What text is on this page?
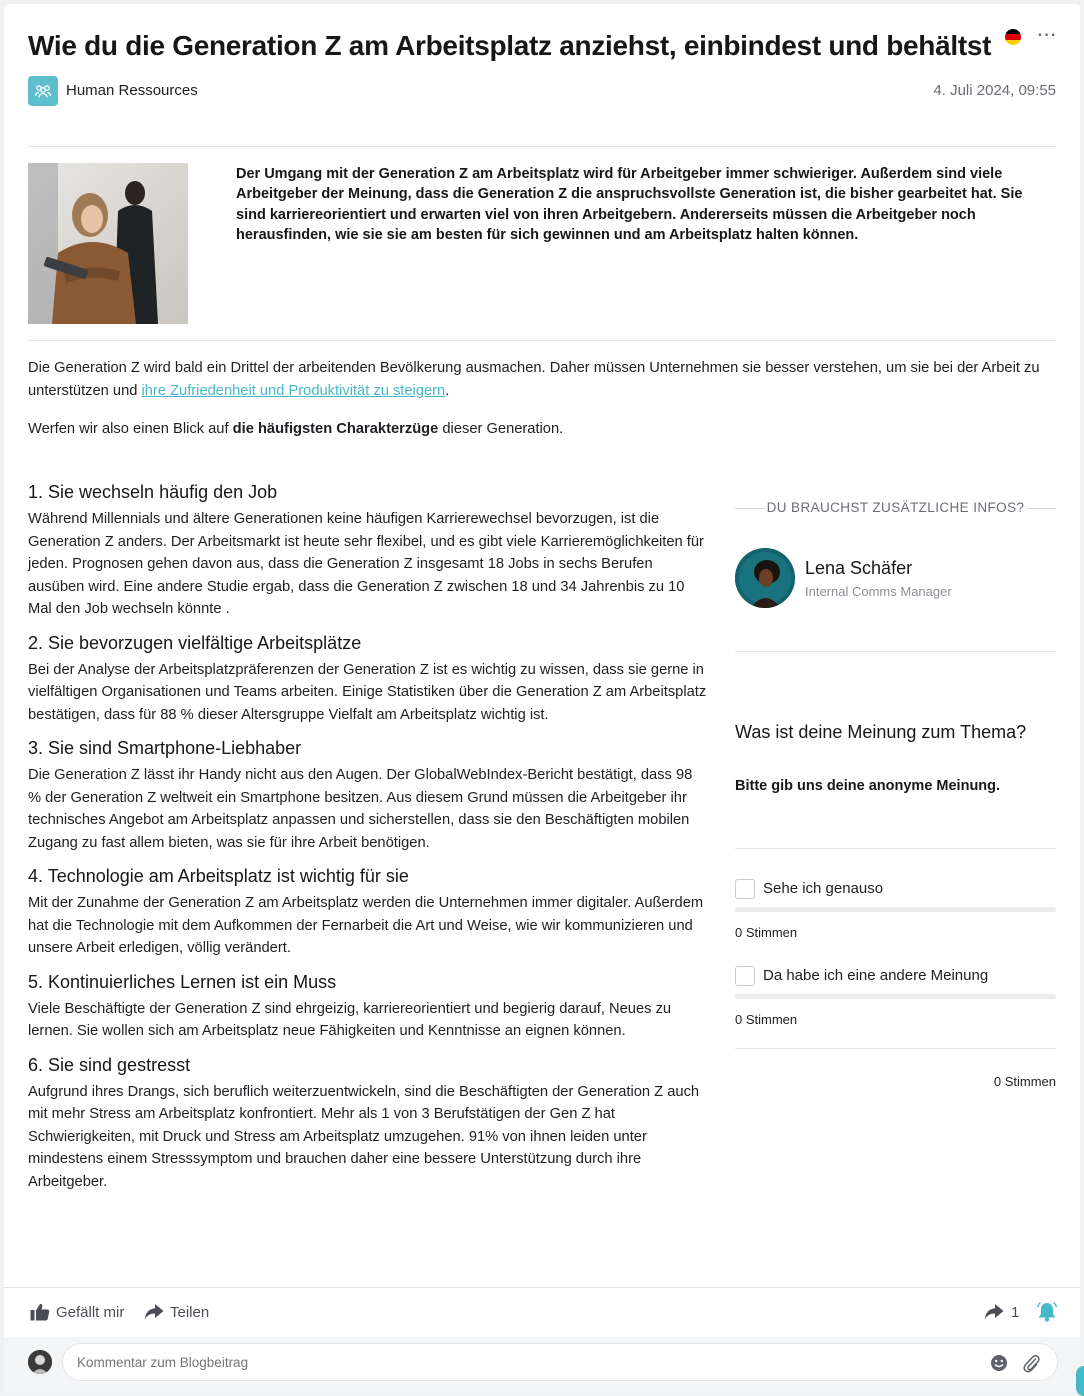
Wie du die Generation Z am Arbeitsplatz anziehst, einbindest und behältst ⋯
Human Ressources	4. Juli 2024, 09:55

Der Umgang mit der Generation Z am Arbeitsplatz wird für Arbeitgeber immer schwieriger. Außerdem sind viele Arbeitgeber der Meinung, dass die Generation Z die anspruchsvollste Generation ist, die bisher gearbeitet hat. Sie sind karriereorientiert und erwarten viel von ihren Arbeitgebern. Andererseits müssen die Arbeitgeber noch herausfinden, wie sie sie am besten für sich gewinnen und am Arbeitsplatz halten können.

Die Generation Z wird bald ein Drittel der arbeitenden Bevölkerung ausmachen. Daher müssen Unternehmen sie besser verstehen, um sie bei der Arbeit zu unterstützen und ihre Zufriedenheit und Produktivität zu steigern.

Werfen wir also einen Blick auf die häufigsten Charakterzüge dieser Generation.

1. Sie wechseln häufig den Job

Während Millennials und ältere Generationen keine häufigen Karrierewechsel bevorzugen, ist die Generation Z anders. Der Arbeitsmarkt ist heute sehr flexibel, und es gibt viele Karrieremöglichkeiten für jeden. Prognosen gehen davon aus, dass die Generation Z insgesamt 18 Jobs in sechs Berufen ausüben wird. Eine andere Studie ergab, dass die Generation Z zwischen 18 und 34 Jahrenbis zu 10 Mal den Job wechseln könnte .

2. Sie bevorzugen vielfältige Arbeitsplätze

Bei der Analyse der Arbeitsplatzpräferenzen der Generation Z ist es wichtig zu wissen, dass sie gerne in vielfältigen Organisationen und Teams arbeiten. Einige Statistiken über die Generation Z am Arbeitsplatz bestätigen, dass für 88 % dieser Altersgruppe Vielfalt am Arbeitsplatz wichtig ist.

3. Sie sind Smartphone-Liebhaber

Die Generation Z lässt ihr Handy nicht aus den Augen. Der GlobalWebIndex-Bericht bestätigt, dass 98 % der Generation Z weltweit ein Smartphone besitzen. Aus diesem Grund müssen die Arbeitgeber ihr technisches Angebot am Arbeitsplatz anpassen und sicherstellen, dass sie den Beschäftigten mobilen Zugang zu fast allem bieten, was sie für ihre Arbeit benötigen.

4. Technologie am Arbeitsplatz ist wichtig für sie

Mit der Zunahme der Generation Z am Arbeitsplatz werden die Unternehmen immer digitaler. Außerdem hat die Technologie mit dem Aufkommen der Fernarbeit die Art und Weise, wie wir kommunizieren und unsere Arbeit erledigen, völlig verändert.

5. Kontinuierliches Lernen ist ein Muss

Viele Beschäftigte der Generation Z sind ehrgeizig, karriereorientiert und begierig darauf, Neues zu lernen. Sie wollen sich am Arbeitsplatz neue Fähigkeiten und Kenntnisse an eignen können.

6. Sie sind gestresst

Aufgrund ihres Drangs, sich beruflich weiterzuentwickeln, sind die Beschäftigten der Generation Z auch mit mehr Stress am Arbeitsplatz konfrontiert. Mehr als 1 von 3 Berufstätigen der Gen Z hat Schwierigkeiten, mit Druck und Stress am Arbeitsplatz umzugehen. 91% von ihnen leiden unter mindestens einem Stresssymptom und brauchen daher eine bessere Unterstützung durch ihre Arbeitgeber.

DU BRAUCHST ZUSÄTZLICHE INFOS?
Lena Schäfer
Internal Comms Manager
Was ist deine Meinung zum Thema?

Bitte gib uns deine anonyme Meinung.

Sehe ich genauso
0 Stimmen
Da habe ich eine andere Meinung
0 Stimmen
0 Stimmen
Gefällt mir	Teilen	1
Kommentar zum Blogbeitrag
